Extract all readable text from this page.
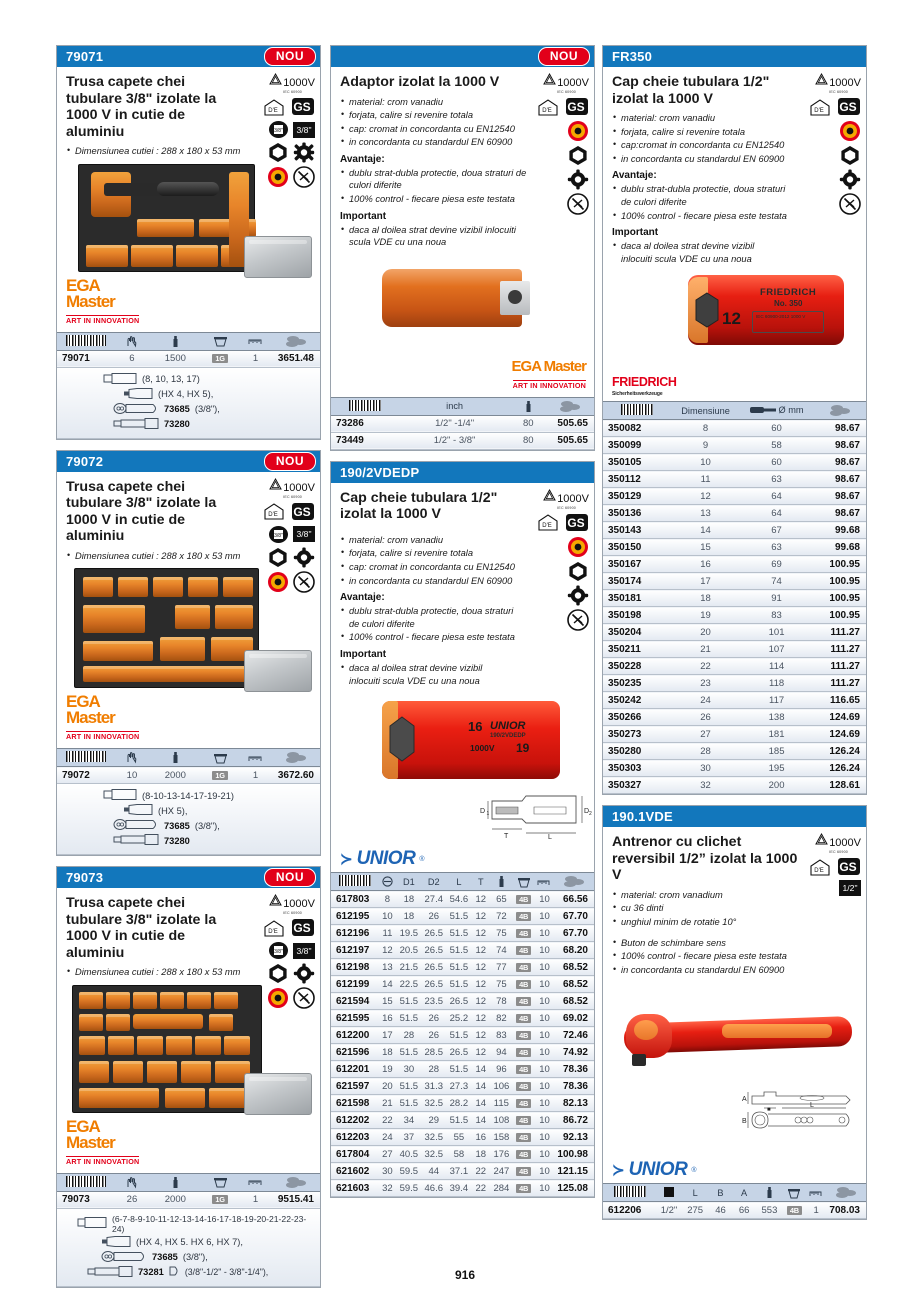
79071	NOU
1000V
IEC 60900
D'E GS
3/8"	3/8"
Trusa capete chei tubulare 3/8" izolate la 1000 V in cutie de aluminiu
• Dimensiunea cutiei : 288 x 180 x 53 mm
EGA Master
ART IN INNOVATION

79071	6	1500	1G	1	3651.48
(8, 10, 13, 17)
(HX 4, HX 5),
73685 (3/8"),
73280
79072	NOU
1000V
IEC 60900
D'E GS
3/8"	3/8"
Trusa capete chei tubulare 3/8" izolate la 1000 V in cutie de aluminiu
• Dimensiunea cutiei : 288 x 180 x 53 mm
EGA Master
ART IN INNOVATION

79072	10	2000	1G	1	3672.60
(8-10-13-14-17-19-21)
(HX 5),
73685 (3/8"),
73280
79073	NOU
1000V
IEC 60900
D'E GS
3/8"	3/8"
Trusa capete chei tubulare 3/8" izolate la 1000 V in cutie de aluminiu
• Dimensiunea cutiei : 288 x 180 x 53 mm
EGA Master
ART IN INNOVATION

79073	26	2000	1G	1	9515.41
(6-7-8-9-10-11-12-13-14-16-17-18-19-20-21-22-23-24)
(HX 4, HX 5. HX 6, HX 7),
73685 (3/8"),
73281 (3/8"-1/2" - 3/8"-1/4"),
NOU
1000V
IEC 60900
D'E GS
Adaptor izolat la 1000 V
• material: crom vanadiu
• forjata, calire si revenire totala
• cap: cromat in concordanta cu EN12540
• in concordanta cu standardul EN 60900
Avantaje:
• dublu strat-dubla protectie, doua straturi de culori diferite
• 100% control - fiecare piesa este testata
Important
• daca al doilea strat devine vizibil inlocuiti scula VDE cu una noua
EGA Master
ART IN INNOVATION
	inch	

73286	1/2" -1/4"	80	505.65
73449	1/2" - 3/8"	80	505.65
190/2VDEDP
1000V
IEC 60900
D'E GS
Cap cheie tubulara 1/2" izolat la 1000 V
• material: crom vanadiu
• forjata, calire si revenire totala
• cap: cromat in concordanta cu EN12540
• in concordanta cu standardul EN 60900
Avantaje:
• dublu strat-dubla protectie, doua straturi de culori diferite
• 100% control - fiecare piesa este testata
Important
• daca al doilea strat devine vizibil inlocuiti scula VDE cu una noua
16 UNIOR
190/2VDEDP
1000V 19
D 1	D 2
T	L
≺ UNIOR ®

	D1	D2	L	T	

617803	8	18	27.4	54.6	12	65	4B	10	66.56
612195	10	18	26	51.5	12	72	4B	10	67.70
612196	11	19.5	26.5	51.5	12	75	4B	10	67.70
612197	12	20.5	26.5	51.5	12	74	4B	10	68.20
612198	13	21.5	26.5	51.5	12	77	4B	10	68.52
612199	14	22.5	26.5	51.5	12	75	4B	10	68.52
621594	15	51.5	23.5	26.5	12	78	4B	10	68.52
621595	16	51.5	26	25.2	12	82	4B	10	69.02
612200	17	28	26	51.5	12	83	4B	10	72.46
621596	18	51.5	28.5	26.5	12	94	4B	10	74.92
612201	19	30	28	51.5	14	96	4B	10	78.36
621597	20	51.5	31.3	27.3	14	106	4B	10	78.36
621598	21	51.5	32.5	28.2	14	115	4B	10	82.13
612202	22	34	29	51.5	14	108	4B	10	86.72
612203	24	37	32.5	55	16	158	4B	10	92.13
617804	27	40.5	32.5	58	18	176	4B	10	100.98
621602	30	59.5	44	37.1	22	247	4B	10	121.15
621603	32	59.5	46.6	39.4	22	284	4B	10	125.08
FR350
1000V
IEC 60900
D'E GS
Cap cheie tubulara 1/2" izolat la 1000 V
• material: crom vanadiu
• forjata, calire si revenire totala
• cap:cromat in concordanta cu EN12540
• in concordanta cu standardul EN 60900
Avantaje:
• dublu strat-dubla protectie, doua straturi de culori diferite
• 100% control - fiecare piesa este testata
Important
• daca al doilea strat devine vizibil inlocuiti scula VDE cu una noua
FRIEDRICH
No. 350
12	IEC 60900-2012 1000 V
FRIEDRICH
Sicherheitswerkzeuge
	Dimensiune	Ø mm

350082	8	60	98.67
350099	9	58	98.67
350105	10	60	98.67
350112	11	63	98.67
350129	12	64	98.67
350136	13	64	98.67
350143	14	67	99.68
350150	15	63	99.68
350167	16	69	100.95
350174	17	74	100.95
350181	18	91	100.95
350198	19	83	100.95
350204	20	101	111.27
350211	21	107	111.27
350228	22	114	111.27
350235	23	118	111.27
350242	24	117	116.65
350266	26	138	124.69
350273	27	181	124.69
350280	28	185	126.24
350303	30	195	126.24
350327	32	200	128.61
190.1VDE
1000V
IEC 60900
D'E GS
1/2"
Antrenor cu clichet reversibil 1/2” izolat la 1000 V
• material: crom vanadium
• cu 36 dinti
• unghiul minim de rotatie 10°
• Buton de schimbare sens
• 100% control - fiecare piesa este testata
• in concordanta cu standardul EN 60900
A
B
■
L
≺ UNIOR ®
		L	B	A	

612206	1/2"	275	46	66	553	4B	1	708.03
916
